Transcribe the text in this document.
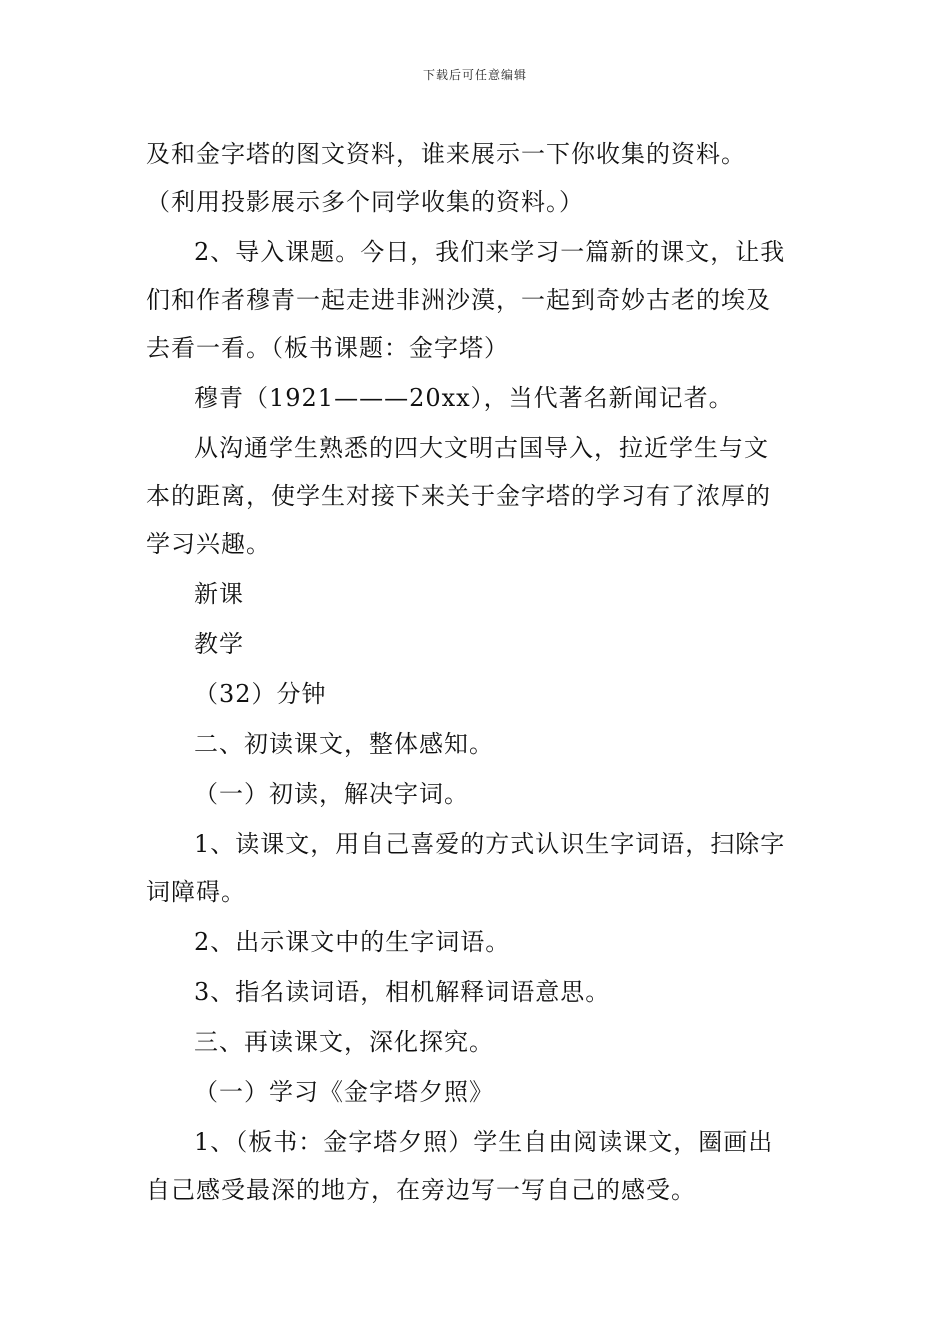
下载后可任意编辑

及和金字塔的图文资料，谁来展示一下你收集的资料。

（利用投影展示多个同学收集的资料。）

2、导入课题。今日，我们来学习一篇新的课文，让我

们和作者穆青一起走进非洲沙漠，一起到奇妙古老的埃及

去看一看。（板书课题：金字塔）

穆青（1921———20xx），当代著名新闻记者。

从沟通学生熟悉的四大文明古国导入，拉近学生与文

本的距离，使学生对接下来关于金字塔的学习有了浓厚的

学习兴趣。

新课

教学

（32）分钟

二、初读课文，整体感知。

（一）初读，解决字词。

1、读课文，用自己喜爱的方式认识生字词语，扫除字

词障碍。

2、出示课文中的生字词语。

3、指名读词语，相机解释词语意思。

三、再读课文，深化探究。

（一）学习《金字塔夕照》

1、（板书：金字塔夕照）学生自由阅读课文，圈画出

自己感受最深的地方，在旁边写一写自己的感受。
